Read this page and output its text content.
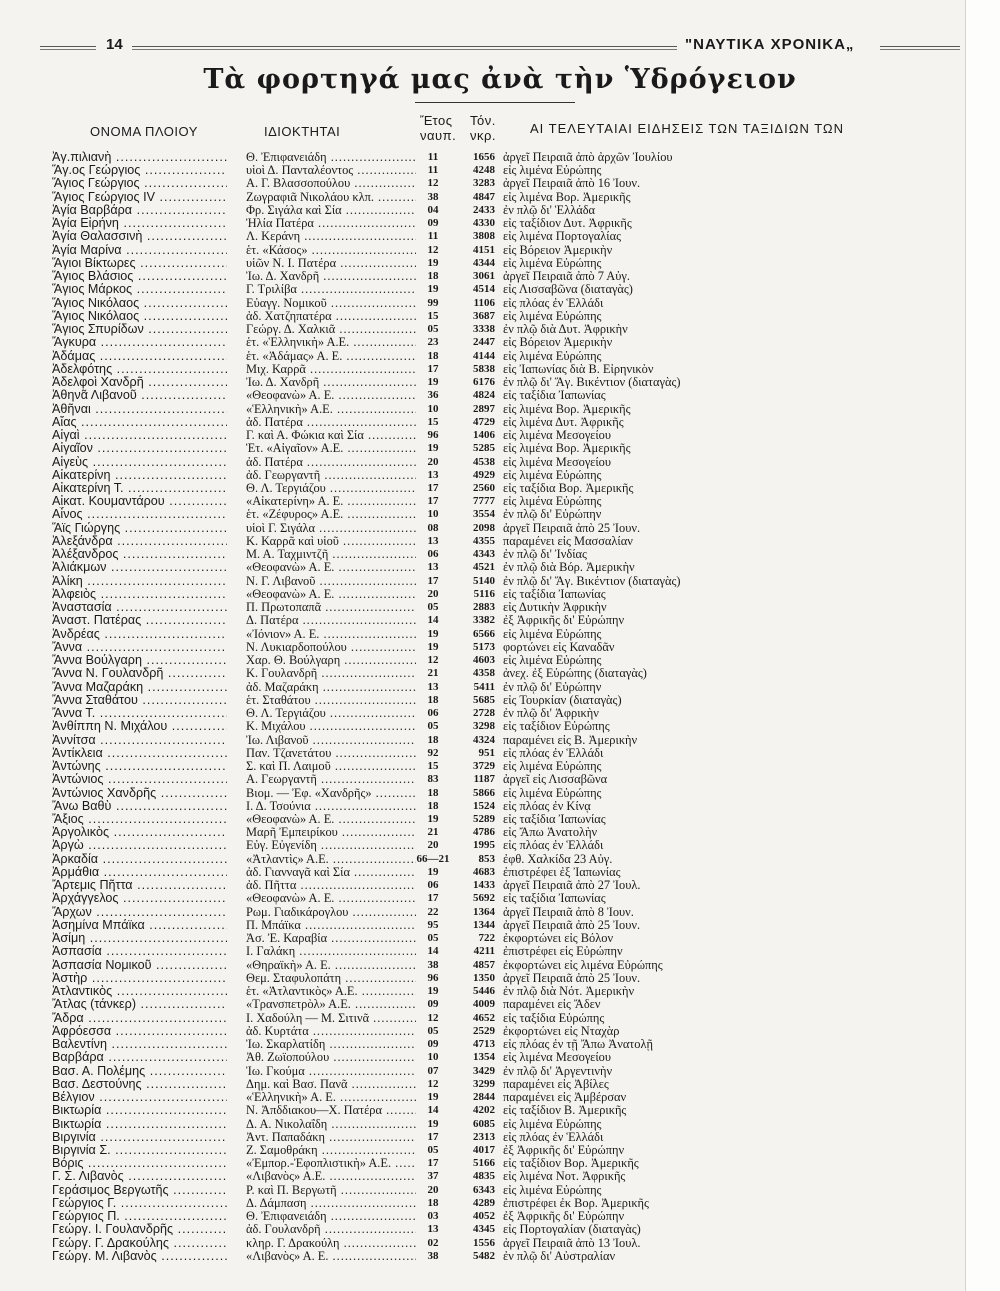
14	"ΝΑΥΤΙΚΑ ΧΡΟΝΙΚΑ„
Τὰ φορτηγά μας ἀνὰ τὴν Ὑδρόγειον
ΟΝΟΜΑ ΠΛΟΙΟΥ	ΙΔΙΟΚΤΗΤΑΙ
Ἔτος Τόν.
ναυπ. νκρ.	ΑΙ ΤΕΛΕΥΤΑΙΑΙ ΕΙΔΗΣΕΙΣ ΤΩΝ ΤΑΞΙΔΙΩΝ ΤΩΝ
Ἀγ.πιλιανὴ .....	Θ. Ἐπιφανειάδη .....	11	1656 ἀργεῖ Πειραιᾶ ἀπὸ ἀρχῶν Ἰουλίου
Ἅγ.ος Γεώργιος .....	υἱοὶ Δ. Πανταλέοντος .....	11	4248 εἰς λιμένα Εὐρώπης
Ἅγιος Γεώργιος .....	Α. Γ. Βλασσοπούλου .....	12	3283 ἀργεῖ Πειραιᾶ ἀπὸ 16 Ἰουν.
Ἅγιος Γεώργιος IV .....	Ζωγραφιᾶ Νικολάου κλπ. .....	38	4847 εἰς λιμένα Βορ. Ἀμερικῆς
Ἁγία Βαρβάρα .....	Φρ. Σιγάλα καὶ Σία .....	04	2433 ἐν πλῷ δι' Ἑλλάδα
Ἁγία Εἰρήνη .....	Ἠλία Πατέρα .....	09	4330 εἰς ταξίδιον Δυτ. Ἀφρικῆς
Ἁγία Θαλασσινὴ .....	Λ. Κεράνη .....	11	3808 εἰς λιμένα Πορτογαλίας
Ἁγία Μαρίνα .....	ἑτ. «Κάσος» .....	12	4151 εἰς Βόρειον Ἀμερικὴν
Ἅγιοι Βίκτωρες .....	υἱῶν Ν. Ι. Πατέρα .....	19	4344 εἰς λιμένα Εὐρώπης
Ἅγιος Βλάσιος .....	Ἰω. Δ. Χανδρῆ .....	18	3061 ἀργεῖ Πειραιᾶ ἀπὸ 7 Αὐγ.
Ἅγιος Μάρκος .....	Γ. Τριλίβα .....	19	4514 εἰς Λισσαβῶνα (διαταγὰς)
Ἅγιος Νικόλαος .....	Εὐαγγ. Νομικοῦ .....	99	1106 εἰς πλόας ἐν Ἑλλάδι
Ἅγιος Νικόλαος .....	ἀδ. Χατζηπατέρα .....	15	3687 εἰς λιμένα Εὐρώπης
Ἅγιος Σπυρίδων .....	Γεώργ. Δ. Χαλκιᾶ .....	05	3338 ἐν πλῷ διὰ Δυτ. Ἀφρικὴν
Ἄγκυρα .....	ἑτ. «Ἑλληνικὴ» Α.Ε. .....	23	2447 εἰς Βόρειον Ἀμερικὴν
Ἀδάμας .....	ἑτ. «Ἀδάμας» Α. Ε. .....	18	4144 εἰς λιμένα Εὐρώπης
Ἀδελφότης .....	Μιχ. Καρρᾶ .....	17	5838 εἰς Ἰαπωνίας διὰ Β. Εἰρηνικὸν
Ἀδελφοὶ Χανδρῆ .....	Ἰω. Δ. Χανδρῆ .....	19	6176 ἐν πλῷ δι' Ἅγ. Βικέντιον (διαταγὰς)
Ἀθηνᾶ Λιβανοῦ .....	«Θεοφανὼ» Α. Ε. .....	36	4824 εἰς ταξίδια Ἰαπωνίας
Ἀθῆναι .....	«Ἑλληνικὴ» Α.Ε. .....	10	2897 εἰς λιμένα Βορ. Ἀμερικῆς
Αἴας .....	ἀδ. Πατέρα .....	15	4729 εἰς λιμένα Δυτ. Ἀφρικῆς
Αἰγαὶ .....	Γ. καὶ Α. Φώκια καὶ Σία .....	96	1406 εἰς λιμένα Μεσογείου
Αἰγαῖον .....	Ἑτ. «Αἰγαῖον» Α.Ε. .....	19	5285 εἰς λιμένα Βορ. Ἀμερικῆς
Αἰγεὺς .....	ἀδ. Πατέρα .....	20	4538 εἰς λιμένα Μεσογείου
Αἰκατερίνη .....	ἀδ. Γεωργαντῆ .....	13	4929 εἰς λιμένα Εὐρώπης
Αἰκατερίνη Τ. .....	Θ. Λ. Τεργιάζου .....	17	2560 εἰς ταξίδια Βορ. Ἀμερικῆς
Αἰκατ. Κουμαντάρου .....	«Αἰκατερίνη» Α. Ε. .....	17	7777 εἰς λιμένα Εὐρώπης
Αἶνος .....	ἑτ. «Ζέφυρος» Α.Ε. .....	10	3554 ἐν πλῷ δι' Εὐρώπην
Ἅϊς Γιώργης .....	υἱοὶ Γ. Σιγάλα .....	08	2098 ἀργεῖ Πειραιᾶ ἀπὸ 25 Ἰουν.
Ἀλεξάνδρα .....	Κ. Καρρᾶ καὶ υἱοῦ .....	13	4355 παραμένει εἰς Μασσαλίαν
Ἀλέξανδρος .....	Μ. Α. Ταχμιντζῆ .....	06	4343 ἐν πλῷ δι' Ἰνδίας
Ἀλιάκμων .....	«Θεοφανὼ» Α. Ε. .....	13	4521 ἐν πλῷ διὰ Βόρ. Ἀμερικὴν
Ἀλίκη .....	Ν. Γ. Λιβανοῦ .....	17	5140 ἐν πλῷ δι' Ἅγ. Βικέντιον (διαταγὰς)
Ἀλφειὸς .....	«Θεοφανὼ» Α. Ε. .....	20	5116 εἰς ταξίδια Ἰαπωνίας
Ἀναστασία .....	Π. Πρωτοπαπᾶ .....	05	2883 εἰς Δυτικὴν Ἀφρικὴν
Ἀναστ. Πατέρας .....	Δ. Πατέρα .....	14	3382 ἐξ Ἀφρικῆς δι' Εὐρώπην
Ἀνδρέας .....	«Ἰόνιον» Α. Ε. .....	19	6566 εἰς λιμένα Εὐρώπης
Ἄννα .....	Ν. Λυκιαρδοπούλου .....	19	5173 φορτώνει εἰς Καναδᾶν
Ἄννα Βούλγαρη .....	Χαρ. Θ. Βούλγαρη .....	12	4603 εἰς λιμένα Εὐρώπης
Ἄννα Ν. Γουλανδρῆ .....	Κ. Γουλανδρῆ .....	21	4358 ἀνεχ. ἐξ Εὐρώπης (διαταγὰς)
Ἄννα Μαζαράκη .....	ἀδ. Μαζαράκη .....	13	5411 ἐν πλῷ δι' Εὐρώπην
Ἄννα Σταθάτου .....	ἑτ. Σταθάτου .....	18	5685 εἰς Τουρκίαν (διαταγὰς)
Ἄννα Τ. .....	Θ. Λ. Τεργιάζου .....	06	2728 ἐν πλῷ δι' Ἀφρικὴν
Ἀνθίππη Ν. Μιχάλου .....	Κ. Μιχάλου .....	05	3298 εἰς ταξίδιον Εὐρώπης
Ἀννίτσα .....	Ἰω. Λιβανοῦ .....	18	4324 παραμένει εἰς Β. Ἀμερικὴν
Ἀντίκλεια .....	Παν. Τζανετάτου .....	92	951 εἰς πλόας ἐν Ἑλλάδι
Ἀντώνης .....	Σ. καὶ Π. Λαιμοῦ .....	15	3729 εἰς λιμένα Εὐρώπης
Ἀντώνιος .....	Α. Γεωργαντῆ .....	83	1187 ἀργεῖ εἰς Λισσαβῶνα
Ἀντώνιος Χανδρῆς .....	Βιομ. — Ἐφ. «Χανδρῆς» .....	18	5866 εἰς λιμένα Εὐρώπης
Ἄνω Βαθὺ .....	Ι. Δ. Τσούνια .....	18	1524 εἰς πλόας ἐν Κίνᾳ
Ἄξιος .....	«Θεοφανὼ» Α. Ε. .....	19	5289 εἰς ταξίδια Ἰαπωνίας
Ἀργολικὸς .....	Μαρῆ Ἐμπειρίκου .....	21	4786 εἰς Ἄπω Ἀνατολὴν
Ἀργὼ .....	Εὐγ. Εὐγενίδη .....	20	1995 εἰς πλόας ἐν Ἑλλάδι
Ἀρκαδία .....	«Ἀτλαντὶς» Α.Ε. .....	66—21	853 ἐφθ. Χαλκίδα 23 Αὐγ.
Ἀρμάθια .....	ἀδ. Γιανναγᾶ καὶ Σία .....	19	4683 ἐπιστρέφει ἐξ Ἰαπωνίας
Ἄρτεμις Πῆττα .....	ἀδ. Πῆττα .....	06	1433 ἀργεῖ Πειραιᾶ ἀπὸ 27 Ἰουλ.
Ἀρχάγγελος .....	«Θεοφανὼ» Α. Ε. .....	17	5692 εἰς ταξίδια Ἰαπωνίας
Ἄρχων .....	Ρωμ. Γιαδικάρογλου .....	22	1364 ἀργεῖ Πειραιᾶ ἀπὸ 8 Ἰουν.
Ἀσημίνα Μπάϊκα .....	Π. Μπάϊκα .....	95	1344 ἀργεῖ Πειραιᾶ ἀπὸ 25 Ἰουν.
Ἀσίμη .....	Ἀσ. Ἐ. Καραβία .....	05	722 ἐκφορτώνει εἰς Βόλον
Ἀσπασία .....	Ι. Γαλάκη .....	14	4211 ἐπιστρέφει εἰς Εὐρώπην
Ἀσπασία Νομικοῦ .....	«Θηραϊκὴ» Α. Ε. .....	38	4857 ἐκφορτώνει εἰς λιμένα Εὐρώπης
Ἀστὴρ .....	Θεμ. Σταφυλοπάτη .....	96	1350 ἀργεῖ Πειραιᾶ ἀπὸ 25 Ἰουν.
Ἀτλαντικὸς .....	ἑτ. «Ἀτλαντικὸς» Α.Ε. .....	19	5446 ἐν πλῷ διὰ Νότ. Ἀμερικὴν
Ἄτλας (τάνκερ) .....	«Τρανσπετρὸλ» Α.Ε. .....	09	4009 παραμένει εἰς Ἄδεν
Ἄδρα .....	Ι. Χαδούλη — Μ. Σιτινᾶ .....	12	4652 εἰς ταξίδια Εὐρώπης
Ἀφρόεσσα .....	ἀδ. Κυρτάτα .....	05	2529 ἐκφορτώνει εἰς Νταχὰρ
Βαλεντίνη .....	Ἰω. Σκαρλατίδη .....	09	4713 εἰς πλόας ἐν τῇ Ἄπω Ἀνατολῇ
Βαρβάρα .....	Ἀθ. Ζωϊοπούλου .....	10	1354 εἰς λιμένα Μεσογείου
Βασ. Α. Πολέμης .....	Ἰω. Γκούμα .....	07	3429 ἐν πλῷ δι' Ἀργεντινὴν
Βασ. Δεστούνης .....	Δημ. καὶ Βασ. Πανᾶ .....	12	3299 παραμένει εἰς Ἀβίλες
Βέλγιον .....	«Ἑλληνικὴ» Α. Ε. .....	19	2844 παραμένει εἰς Ἀμβέρσαν
Βικτωρία .....	Ν. Ἀπδδιακου—Χ. Πατέρα .....	14	4202 εἰς ταξίδιον Β. Ἀμερικῆς
Βικτωρία .....	Δ. Α. Νικολαΐδη .....	19	6085 εἰς λιμένα Εὐρώπης
Βιργινία .....	Ἀντ. Παπαδάκη .....	17	2313 εἰς πλόας ἐν Ἑλλάδι
Βιργινία Σ. .....	Ζ. Σαμοθράκη .....	05	4017 ἐξ Ἀφρικῆς δι' Εὐρώπην
Βόρις .....	«Ἐμπορ.-Ἐφοπλιστικὴ» Α.Ε. .....	17	5166 εἰς ταξίδιον Βορ. Ἀμερικῆς
Γ. Σ. Λιβανὸς .....	«Λιβανὸς» Α.Ε. .....	37	4835 εἰς λιμένα Νοτ. Ἀφρικῆς
Γεράσιμος Βεργωτῆς .....	Ρ. καὶ Π. Βεργωτῆ .....	20	6343 εἰς λιμένα Εὐρώπης
Γεώργιος Γ. .....	Δ. Δάμπαση .....	18	4289 ἐπιστρέφει ἐκ Βορ. Ἀμερικῆς
Γεώργιος Π. .....	Θ. Ἐπιφανειάδη .....	03	4052 ἐξ Ἀφρικῆς δι' Εὐρώπην
Γεώργ. Ι. Γουλανδρῆς .....	ἀδ. Γουλανδρῆ .....	13	4345 εἰς Πορτογαλίαν (διαταγὰς)
Γεώργ. Γ. Δρακούλης .....	κληρ. Γ. Δρακούλη .....	02	1556 ἀργεῖ Πειραιᾶ ἀπὸ 13 Ἰουλ.
Γεώργ. Μ. Λιβανὸς .....	«Λιβανὸς» Α. Ε. .....	38	5482 ἐν πλῷ δι' Αὐστραλίαν
